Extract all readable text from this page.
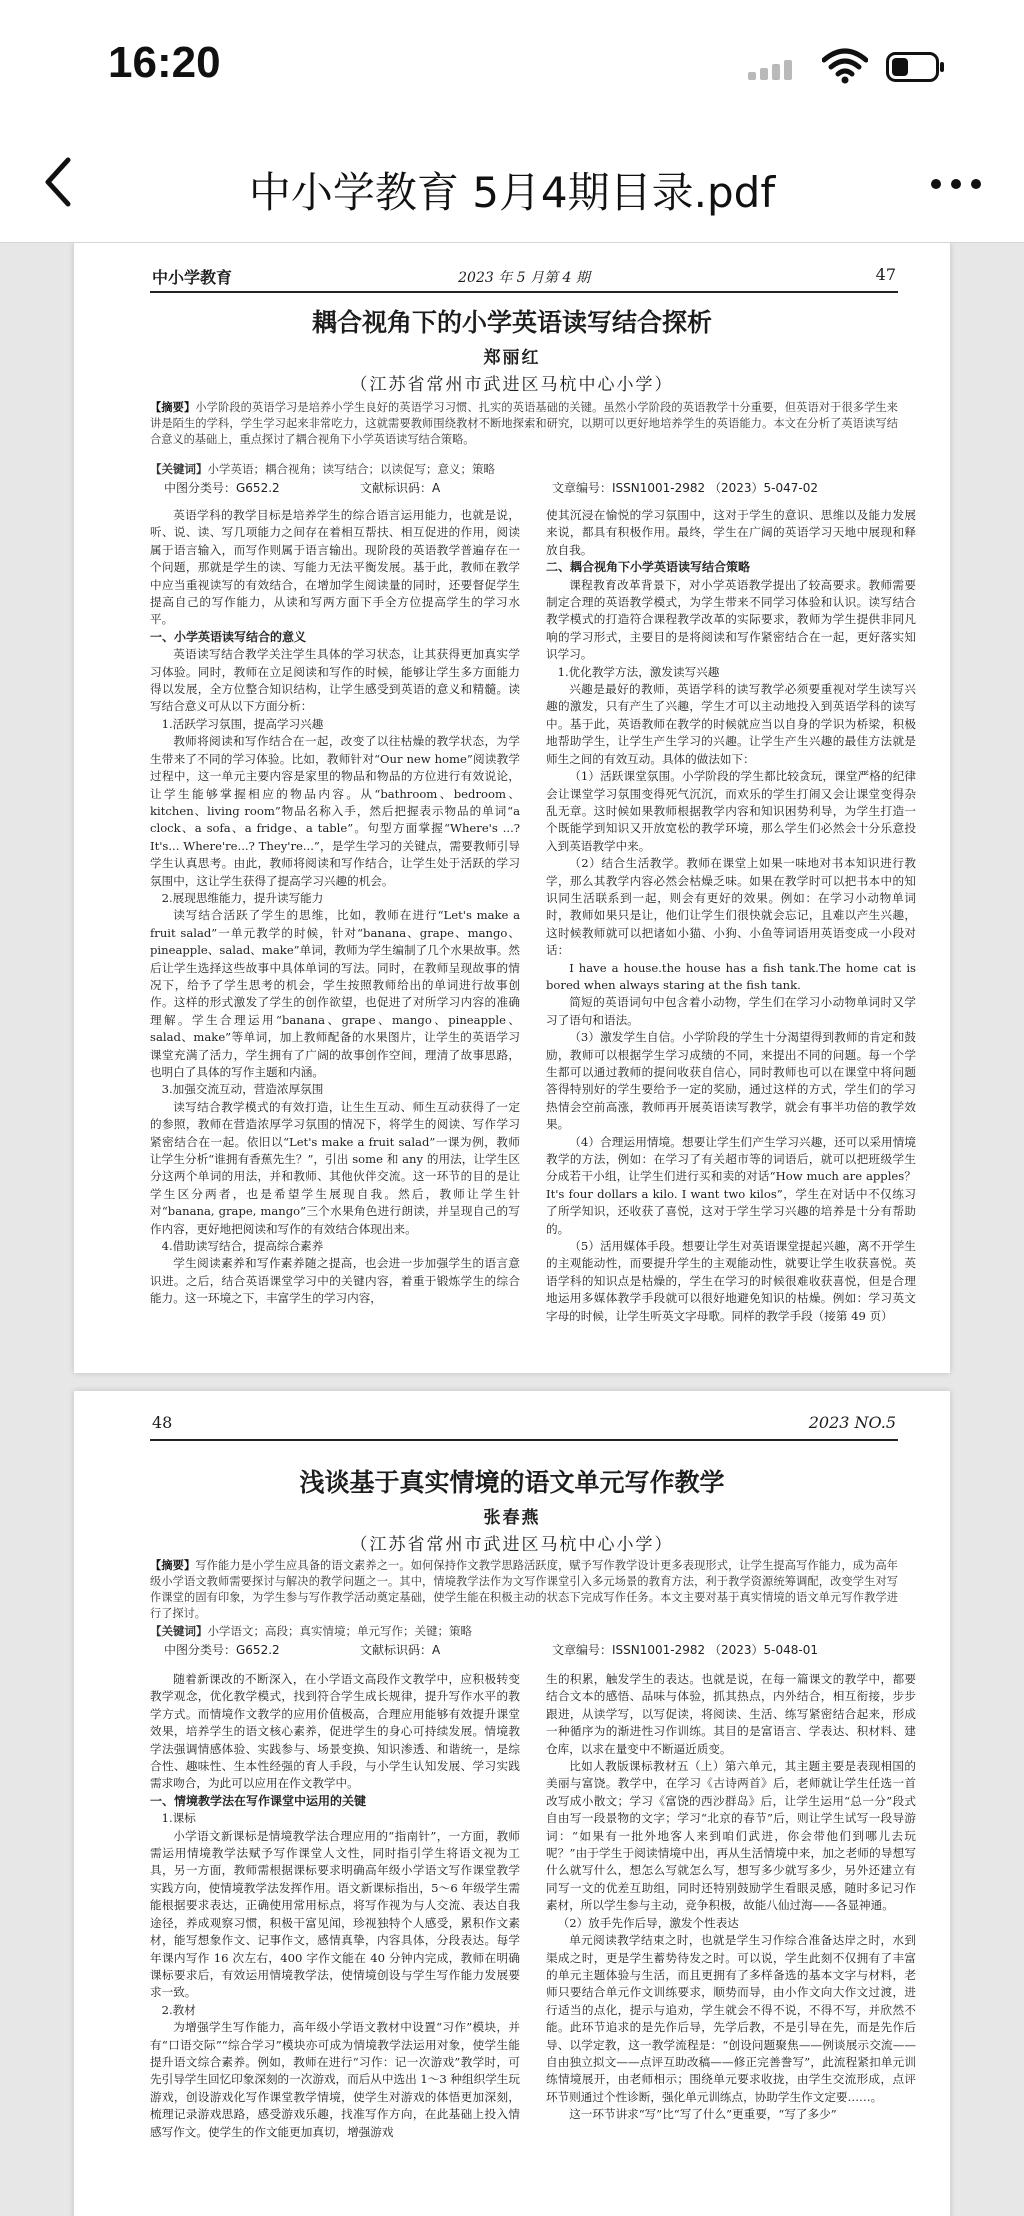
16:20
中小学教育 5月4期目录.pdf
中小学教育	2023 年 5 月第 4 期	47
耦合视角下的小学英语读写结合探析
郑丽红
（江苏省常州市武进区马杭中心小学）
【摘要】小学阶段的英语学习是培养小学生良好的英语学习习惯、扎实的英语基础的关键。虽然小学阶段的英语教学十分重要，但英语对于很多学生来讲是陌生的学科，学生学习起来非常吃力，这就需要教师围绕教材不断地探索和研究，以期可以更好地培养学生的英语能力。本文在分析了英语读写结合意义的基础上，重点探讨了耦合视角下小学英语读写结合策略。
【关键词】小学英语；耦合视角；读写结合；以读促写；意义；策略
中图分类号：G652.2	文献标识码：A	文章编号：ISSN1001-2982 （2023）5-047-02

英语学科的教学目标是培养学生的综合语言运用能力，也就是说，听、说、读、写几项能力之间存在着相互帮扶、相互促进的作用，阅读属于语言输入，而写作则属于语言输出。现阶段的英语教学普遍存在一个问题，那就是学生的读、写能力无法平衡发展。基于此，教师在教学中应当重视读写的有效结合，在增加学生阅读量的同时，还要督促学生提高自己的写作能力，从读和写两方面下手全方位提高学生的学习水平。

一、小学英语读写结合的意义

英语读写结合教学关注学生具体的学习状态，让其获得更加真实学习体验。同时，教师在立足阅读和写作的时候，能够让学生多方面能力得以发展，全方位整合知识结构，让学生感受到英语的意义和精髓。读写结合意义可从以下方面分析：

1.活跃学习氛围，提高学习兴趣

教师将阅读和写作结合在一起，改变了以往枯燥的教学状态，为学生带来了不同的学习体验。比如，教师针对“Our new home”阅读教学过程中，这一单元主要内容是家里的物品和物品的方位进行有效说论，让学生能够掌握相应的物品内容。从“bathroom、bedroom、kitchen、living room”物品名称入手，然后把握表示物品的单词“a clock、a sofa、a fridge、a table”。句型方面掌握“Where's ...? It's... Where're...? They're...”，是学生学习的关键点，需要教师引导学生认真思考。由此，教师将阅读和写作结合，让学生处于活跃的学习氛围中，这让学生获得了提高学习兴趣的机会。

2.展现思维能力，提升读写能力

读写结合活跃了学生的思维，比如，教师在进行“Let's make a fruit salad”一单元教学的时候，针对“banana、grape、mango、pineapple、salad、make”单词，教师为学生编制了几个水果故事。然后让学生选择这些故事中具体单词的写法。同时，在教师呈现故事的情况下，给予了学生思考的机会，学生按照教师给出的单词进行故事创作。这样的形式激发了学生的创作欲望，也促进了对所学习内容的准确理解。学生合理运用“banana、grape、mango、pineapple、salad、make”等单词，加上教师配备的水果图片，让学生的英语学习课堂充满了活力，学生拥有了广阔的故事创作空间，理清了故事思路，也明白了具体的写作主题和内涵。

3.加强交流互动，营造浓厚氛围

读写结合教学模式的有效打造，让生生互动、师生互动获得了一定的参照，教师在营造浓厚学习氛围的情况下，将学生的阅读、写作学习紧密结合在一起。依旧以“Let's make a fruit salad”一课为例，教师让学生分析“谁拥有香蕉先生？”，引出 some 和 any 的用法，让学生区分这两个单词的用法，并和教师、其他伙伴交流。这一环节的目的是让学生区分两者，也是希望学生展现自我。然后，教师让学生针对“banana, grape, mango”三个水果角色进行朗读，并呈现自己的写作内容，更好地把阅读和写作的有效结合体现出来。

4.借助读写结合，提高综合素养

学生阅读素养和写作素养随之提高，也会进一步加强学生的语言意识进。之后，结合英语课堂学习中的关键内容，着重于锻炼学生的综合能力。这一环境之下，丰富学生的学习内容，

使其沉浸在愉悦的学习氛围中，这对于学生的意识、思维以及能力发展来说，都具有积极作用。最终，学生在广阔的英语学习天地中展现和释放自我。

二、耦合视角下小学英语读写结合策略

课程教育改革背景下，对小学英语教学提出了较高要求。教师需要制定合理的英语教学模式，为学生带来不同学习体验和认识。读写结合教学模式的打造符合课程教学改革的实际要求，教师为学生提供非同凡响的学习形式，主要目的是将阅读和写作紧密结合在一起，更好落实知识学习。

1.优化教学方法，激发读写兴趣

兴趣是最好的教师，英语学科的读写教学必须要重视对学生读写兴趣的激发，只有产生了兴趣，学生才可以主动地投入到英语学科的读写中。基于此，英语教师在教学的时候就应当以自身的学识为桥梁，积极地帮助学生，让学生产生学习的兴趣。让学生产生兴趣的最佳方法就是师生之间的有效互动。具体的做法如下：

（1）活跃课堂氛围。小学阶段的学生都比较贪玩，课堂严格的纪律会让课堂学习氛围变得死气沉沉，而欢乐的学生打闹又会让课堂变得杂乱无章。这时候如果教师根据教学内容和知识困势利导，为学生打造一个既能学到知识又开放宽松的教学环境，那么学生们必然会十分乐意投入到英语教学中来。

（2）结合生活教学。教师在课堂上如果一味地对书本知识进行教学，那么其教学内容必然会枯燥乏味。如果在教学时可以把书本中的知识同生活联系到一起，则会有更好的效果。例如：在学习小动物单词时，教师如果只是让，他们让学生们很快就会忘记，且难以产生兴趣，这时候教师就可以把诸如小猫、小狗、小鱼等词语用英语变成一小段对话：

I have a house.the house has a fish tank.The home cat is bored when always staring at the fish tank.

简短的英语词句中包含着小动物，学生们在学习小动物单词时又学习了语句和语法。

（3）激发学生自信。小学阶段的学生十分渴望得到教师的肯定和鼓励，教师可以根据学生学习成绩的不同，来提出不同的问题。每一个学生都可以通过教师的提问收获自信心，同时教师也可以在课堂中将问题答得特别好的学生要给予一定的奖励，通过这样的方式，学生们的学习热情会空前高涨，教师再开展英语读写教学，就会有事半功倍的教学效果。

（4）合理运用情境。想要让学生们产生学习兴趣，还可以采用情境教学的方法，例如：在学习了有关超市等的词语后，就可以把班级学生分成若干小组，让学生们进行买和卖的对话“How much are apples？ It's four dollars a kilo. I want two kilos”，学生在对话中不仅练习了所学知识，还收获了喜悦，这对于学生学习兴趣的培养是十分有帮助的。

（5）活用媒体手段。想要让学生对英语课堂提起兴趣，离不开学生的主观能动性，而要提升学生的主观能动性，就要让学生收获喜悦。英语学科的知识点是枯燥的，学生在学习的时候很难收获喜悦，但是合理地运用多媒体教学手段就可以很好地避免知识的枯燥。例如：学习英文字母的时候，让学生听英文字母歌。同样的教学手段（接第 49 页）

48	2023 NO.5
浅谈基于真实情境的语文单元写作教学
张春燕
（江苏省常州市武进区马杭中心小学）
【摘要】写作能力是小学生应具备的语文素养之一。如何保持作文教学思路活跃度，赋予写作教学设计更多表现形式，让学生提高写作能力，成为高年级小学语文教师需要探讨与解决的教学问题之一。其中，情境教学法作为文写作课堂引入多元场景的教育方法，利于教学资源统筹调配，改变学生对写作课堂的固有印象，为学生参与写作教学活动奠定基础，使学生能在积极主动的状态下完成写作任务。本文主要对基于真实情境的语文单元写作教学进行了探讨。
【关键词】小学语文；高段；真实情境；单元写作；关键；策略
中图分类号：G652.2	文献标识码：A	文章编号：ISSN1001-2982 （2023）5-048-01

随着新课改的不断深入，在小学语文高段作文教学中，应积极转变教学观念，优化教学模式，找到符合学生成长规律，提升写作水平的教学方式。而情境作文教学的应用价值极高，合理应用能够有效提升课堂效果，培养学生的语文核心素养，促进学生的身心可持续发展。情境教学法强调情感体验、实践参与、场景变换、知识渗透、和谐统一，是综合性、趣味性、生本性经强的育人手段，与小学生认知发展、学习实践需求吻合，为此可以应用在作文教学中。

一、情境教学法在写作课堂中运用的关键

1.课标

小学语文新课标是情境教学法合理应用的“指南针”，一方面，教师需运用情境教学法赋予写作课堂人文性，同时指引学生将语文视为工具，另一方面，教师需根据课标要求明确高年级小学语文写作课堂教学实践方向，使情境教学法发挥作用。语文新课标指出，5～6 年级学生需能根据要求表达，正确使用常用标点，将写作视为与人交流、表达自我途径，养成观察习惯，积极干富见闻，珍视独特个人感受，累积作文素材，能写想象作文、记事作文，感情真挚，内容具体，分段表达。每学年课内写作 16 次左右，400 字作文能在 40 分钟内完成，教师在明确课标要求后，有效运用情境教学法，使情境创设与学生写作能力发展要求一致。

2.教材

为增强学生写作能力，高年级小学语文教材中设置“习作”模块，并有“口语交际”“综合学习”模块亦可成为情境教学法运用对象，使学生能提升语文综合素养。例如，教师在进行“习作：记一次游戏”教学时，可先引导学生回忆印象深刻的一次游戏，而后从中选出 1～3 种组织学生玩游戏，创设游戏化写作课堂教学情境，使学生对游戏的体悟更加深刻，梳理记录游戏思路，感受游戏乐趣，找准写作方向，在此基础上投入情感写作文。使学生的作文能更加真切，增强游戏

生的积累，触发学生的表达。也就是说，在每一篇课文的教学中，都要结合文本的感悟、品味与体验，抓其热点，内外结合，相互衔接，步步跟进，从读学写，以写促读，将阅读、生活、练写紧密结合起来，形成一种循序为的渐进性习作训练。其目的是富语言、学表达、积材料、建仓库，以求在量变中不断逼近质变。

比如人教版课标教材五（上）第六单元，其主题主要是表现相国的美丽与富饶。教学中，在学习《古诗两首》后，老师就让学生任选一首改写成小散文；学习《富饶的西沙群岛》后，让学生运用“总一分”段式自由写一段景物的文字；学习“北京的春节”后，则让学生试写一段导游词：“如果有一批外地客人来到咱们武进，你会带他们到哪儿去玩呢？”由于学生于阅读情境中出，再从生活情境中来，加之老师的导想写什么就写什么，想怎么写就怎么写，想写多少就写多少，另外还建立有同写一文的优差互助组，同时还特别鼓励学生看眼灵感，随时多记习作素材，所以学生参与主动，竞争积极，故能八仙过海——各显神通。

（2）放手先作后导，激发个性表达

单元阅读教学结束之时，也就是学生习作综合准备达岸之时，水到渠成之时，更是学生蓄势待发之时。可以说，学生此刻不仅拥有了丰富的单元主题体验与生活，而且更拥有了多样备选的基本文字与材料，老师只要结合单元作文训练要求，顺势而导，由小作文向大作文过渡，进行适当的点化，提示与追劝，学生就会不得不说，不得不写，并欣然不能。此环节追求的是先作后导，先学后教，不是引导在先，而是先作后导、以学定教，这一教学流程是：“创设问题聚焦——例谈展示交流——自由独立拟文——点评互助改稿——修正完善誊写”，此流程紧扣单元训练情境展开，由老师相示；围绕单元要求收拢，由学生交流形成，点评环节则通过个性诊断，强化单元训练点，协助学生作文定要……。

这一环节讲求“写”比“写了什么”更重要，“写了多少”
